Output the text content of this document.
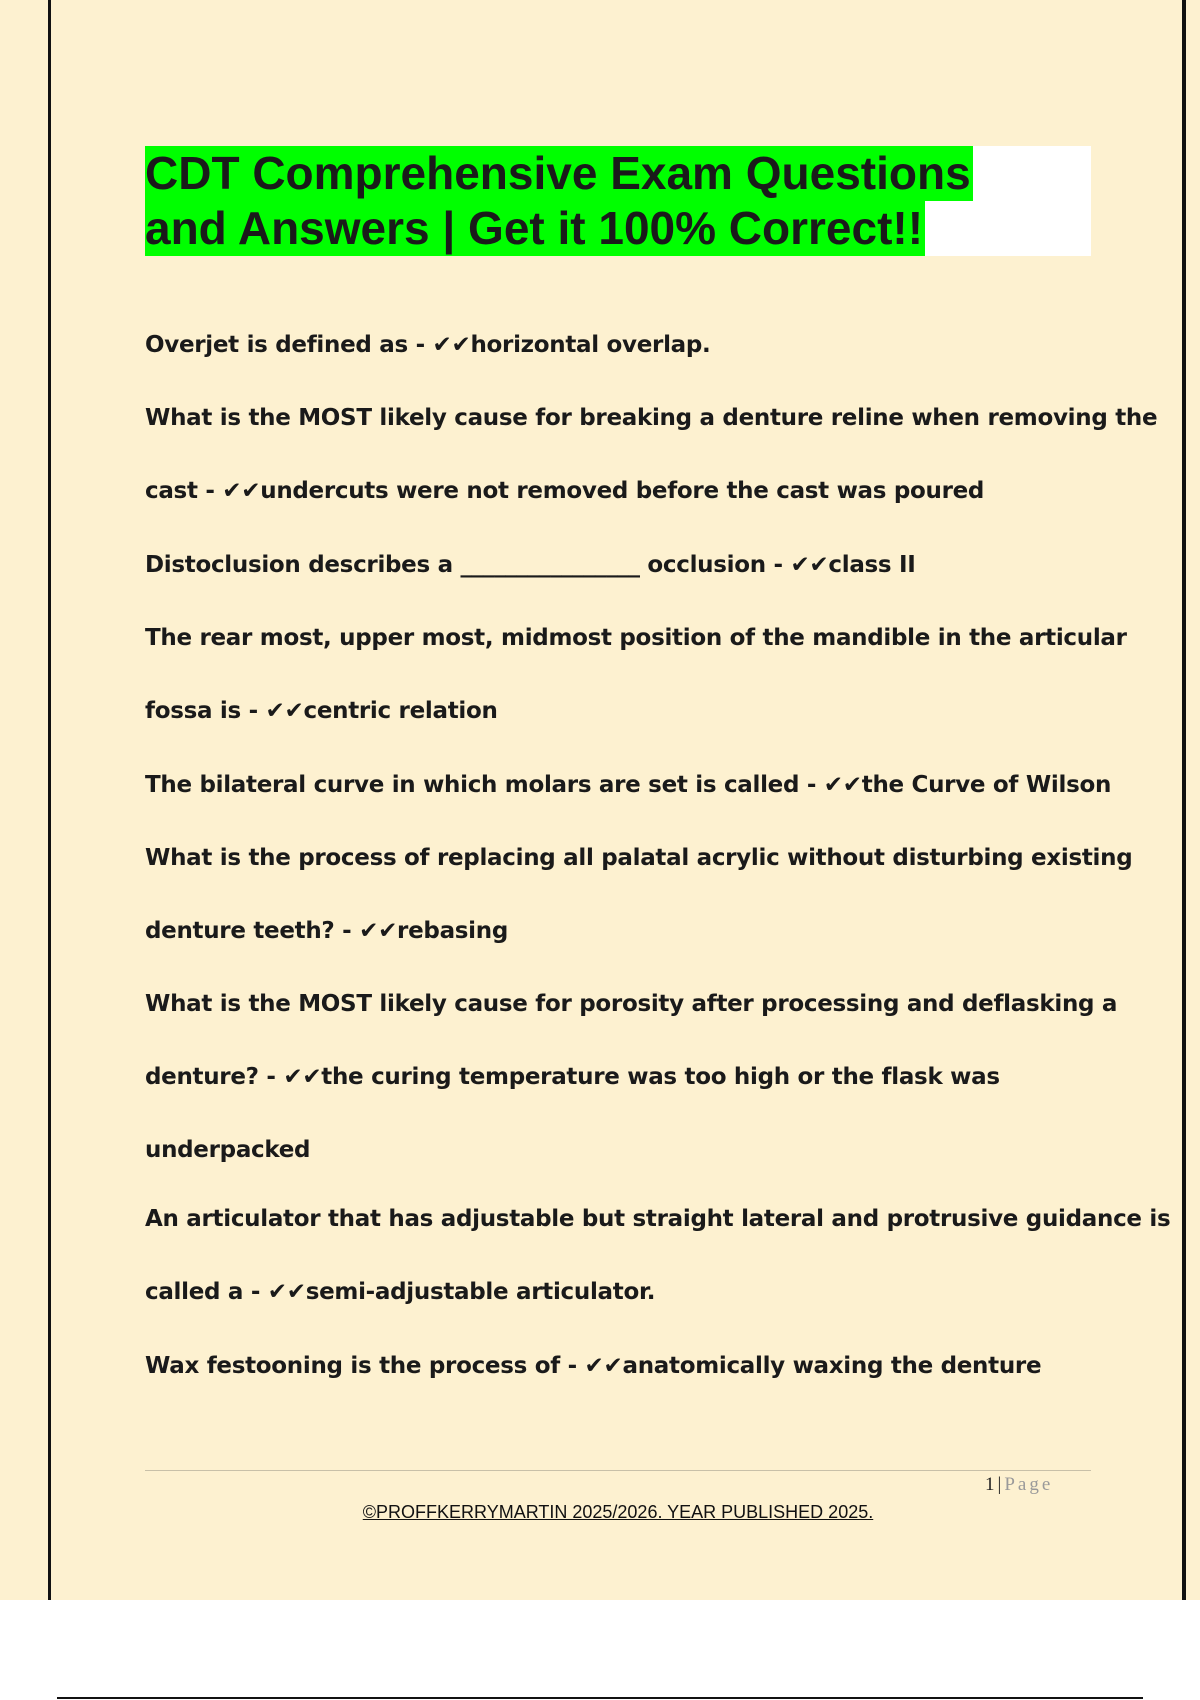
CDT Comprehensive Exam Questions
and Answers | Get it 100% Correct!!
Overjet is defined as - ✔✔horizontal overlap.
What is the MOST likely cause for breaking a denture reline when removing the
cast - ✔✔undercuts were not removed before the cast was poured
Distoclusion describes a ________________ occlusion - ✔✔class II
The rear most, upper most, midmost position of the mandible in the articular
fossa is - ✔✔centric relation
The bilateral curve in which molars are set is called - ✔✔the Curve of Wilson
What is the process of replacing all palatal acrylic without disturbing existing
denture teeth? - ✔✔rebasing
What is the MOST likely cause for porosity after processing and deflasking a
denture? - ✔✔the curing temperature was too high or the flask was
underpacked
An articulator that has adjustable but straight lateral and protrusive guidance is
called a - ✔✔semi-adjustable articulator.
Wax festooning is the process of - ✔✔anatomically waxing the denture
1 | Page
©PROFFKERRYMARTIN 2025/2026. YEAR PUBLISHED 2025.
